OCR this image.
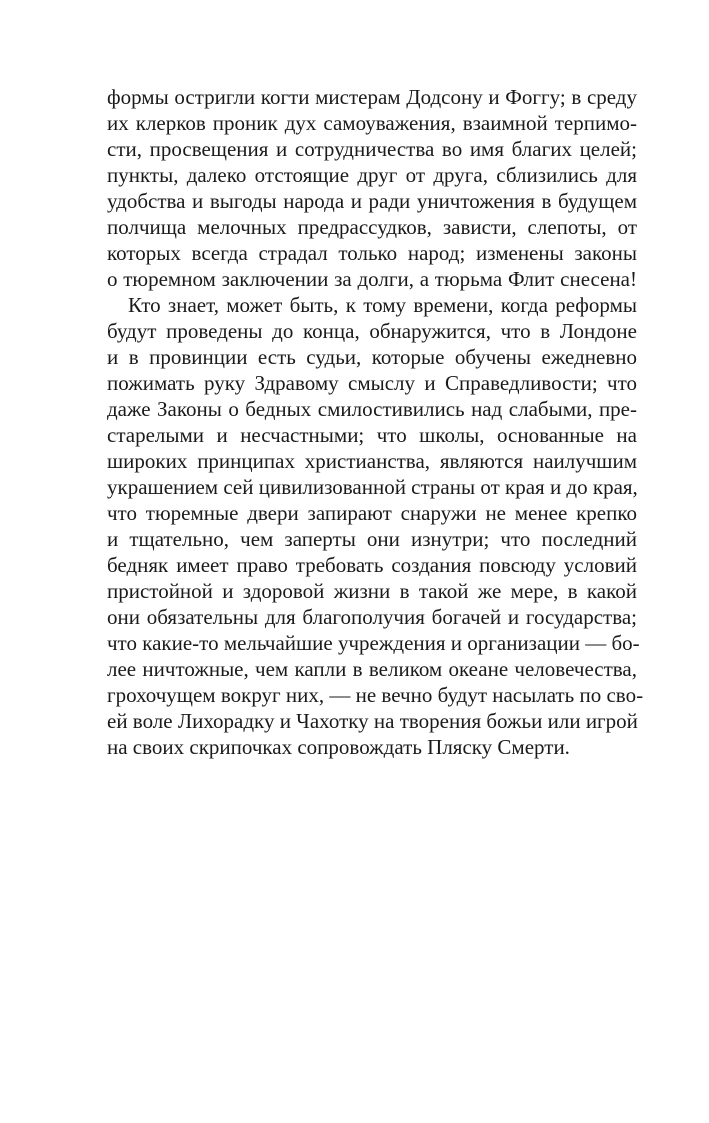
формы остригли когти мистерам Додсону и Фоггу; в среду
их клерков проник дух самоуважения, взаимной терпимо-
сти, просвещения и сотрудничества во имя благих целей;
пункты, далеко отстоящие друг от друга, сблизились для
удобства и выгоды народа и ради уничтожения в будущем
полчища мелочных предрассудков, зависти, слепоты, от
которых всегда страдал только народ; изменены законы
о тюремном заключении за долги, а тюрьма Флит снесена!
Кто знает, может быть, к тому времени, когда реформы
будут проведены до конца, обнаружится, что в Лондоне
и в провинции есть судьи, которые обучены ежедневно
пожимать руку Здравому смыслу и Справедливости; что
даже Законы о бедных смилостивились над слабыми, пре-
старелыми и несчастными; что школы, основанные на
широких принципах христианства, являются наилучшим
украшением сей цивилизованной страны от края и до края,
что тюремные двери запирают снаружи не менее крепко
и тщательно, чем заперты они изнутри; что последний
бедняк имеет право требовать создания повсюду условий
пристойной и здоровой жизни в такой же мере, в какой
они обязательны для благополучия богачей и государства;
что какие-то мельчайшие учреждения и организации — бо-
лее ничтожные, чем капли в великом океане человечества,
грохочущем вокруг них, — не вечно будут насылать по сво-
ей воле Лихорадку и Чахотку на творения божьи или игрой
на своих скрипочках сопровождать Пляску Смерти.
